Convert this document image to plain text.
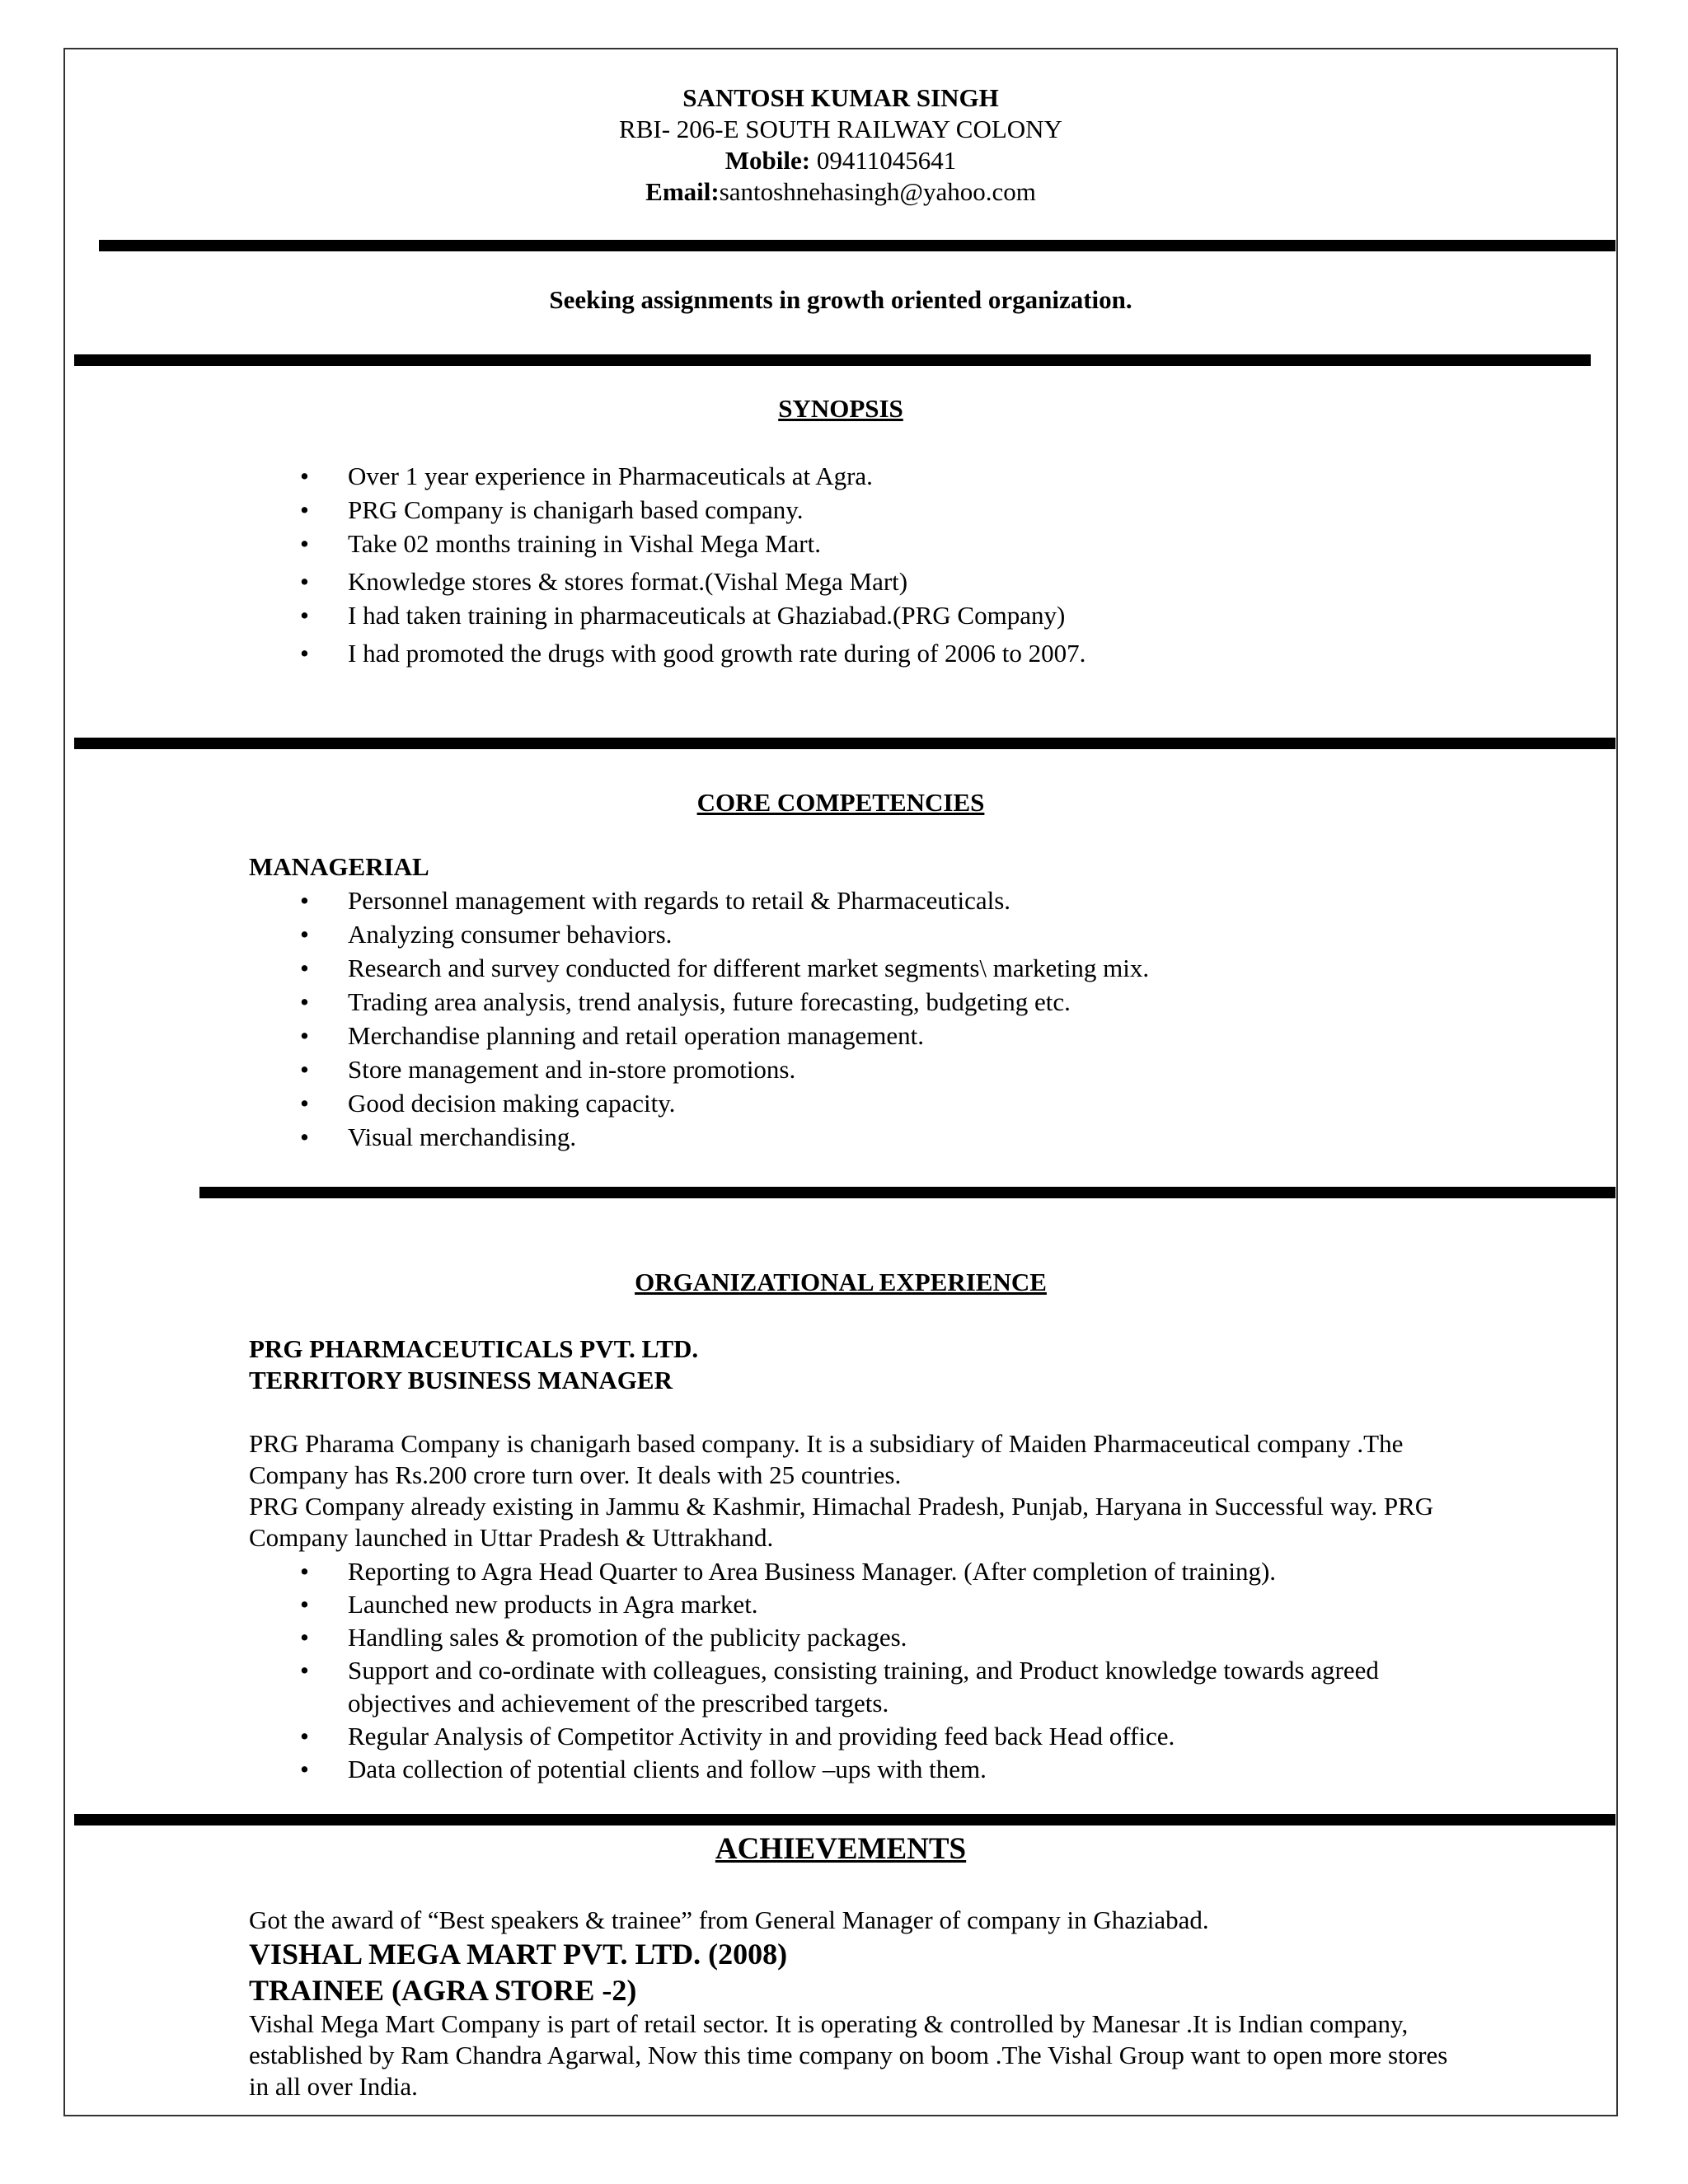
SANTOSH KUMAR SINGH
RBI- 206-E SOUTH RAILWAY COLONY
Mobile: 09411045641
Email:santoshnehasingh@yahoo.com
Seeking assignments in growth oriented organization.
SYNOPSIS
• Over 1 year experience in Pharmaceuticals at Agra.
• PRG Company is chanigarh based company.
• Take 02 months training in Vishal Mega Mart.
• Knowledge stores & stores format.(Vishal Mega Mart)
• I had taken training in pharmaceuticals at Ghaziabad.(PRG Company)
• I had promoted the drugs with good growth rate during of 2006 to 2007.
CORE COMPETENCIES
MANAGERIAL
• Personnel management with regards to retail & Pharmaceuticals.
• Analyzing consumer behaviors.
• Research and survey conducted for different market segments\ marketing mix.
• Trading area analysis, trend analysis, future forecasting, budgeting etc.
• Merchandise planning and retail operation management.
• Store management and in-store promotions.
• Good decision making capacity.
• Visual merchandising.
ORGANIZATIONAL EXPERIENCE
PRG PHARMACEUTICALS PVT. LTD.
TERRITORY BUSINESS MANAGER
PRG Pharama Company is chanigarh based company. It is a subsidiary of Maiden Pharmaceutical company .The Company has Rs.200 crore turn over. It deals with 25 countries.
PRG Company already existing in Jammu & Kashmir, Himachal Pradesh, Punjab, Haryana in Successful way. PRG Company launched in Uttar Pradesh & Uttrakhand.
• Reporting to Agra Head Quarter to Area Business Manager. (After completion of training).
• Launched new products in Agra market.
• Handling sales & promotion of the publicity packages.
• Support and co-ordinate with colleagues, consisting training, and Product knowledge towards agreed objectives and achievement of the prescribed targets.
• Regular Analysis of Competitor Activity in and providing feed back Head office.
• Data collection of potential clients and follow –ups with them.
ACHIEVEMENTS
Got the award of “Best speakers & trainee” from General Manager of company in Ghaziabad.
VISHAL MEGA MART PVT. LTD. (2008)
TRAINEE (AGRA STORE -2)
Vishal Mega Mart Company is part of retail sector. It is operating & controlled by Manesar .It is Indian company, established by Ram Chandra Agarwal, Now this time company on boom .The Vishal Group want to open more stores in all over India.
